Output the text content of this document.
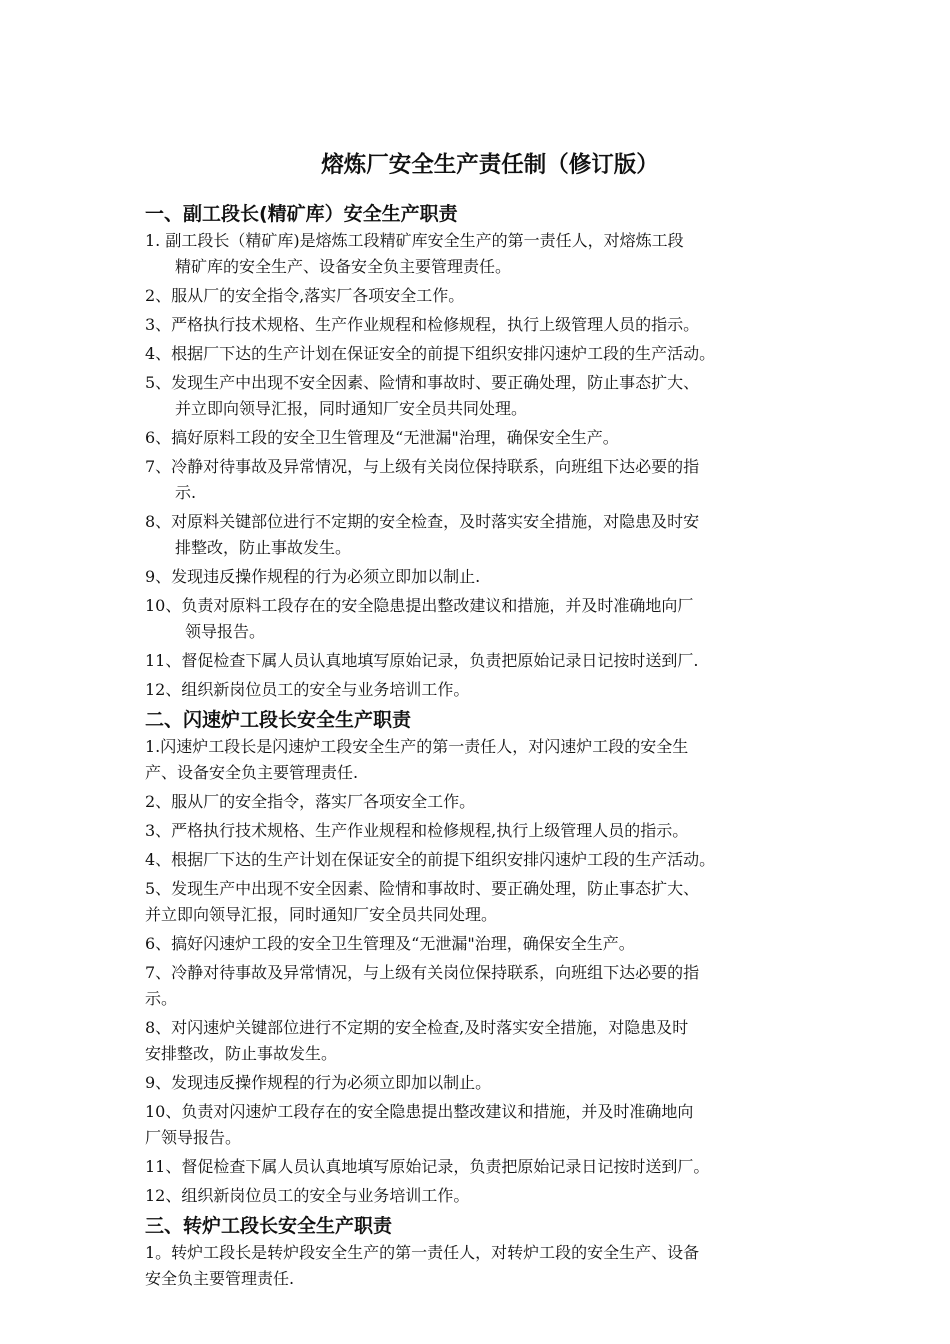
熔炼厂安全生产责任制（修订版）
一、副工段长(精矿库）安全生产职责
1. 副工段长（精矿库)是熔炼工段精矿库安全生产的第一责任人，对熔炼工段
精矿库的安全生产、设备安全负主要管理责任。
2、服从厂的安全指令,落实厂各项安全工作。
3、严格执行技术规格、生产作业规程和检修规程，执行上级管理人员的指示。
4、根据厂下达的生产计划在保证安全的前提下组织安排闪速炉工段的生产活动。
5、发现生产中出现不安全因素、险情和事故时、要正确处理，防止事态扩大、
并立即向领导汇报，同时通知厂安全员共同处理。
6、搞好原料工段的安全卫生管理及“无泄漏"治理，确保安全生产。
7、冷静对待事故及异常情况，与上级有关岗位保持联系，向班组下达必要的指
示.
8、对原料关键部位进行不定期的安全检查，及时落实安全措施，对隐患及时安
排整改，防止事故发生。
9、发现违反操作规程的行为必须立即加以制止.
10、负责对原料工段存在的安全隐患提出整改建议和措施，并及时准确地向厂
领导报告。
11、督促检查下属人员认真地填写原始记录，负责把原始记录日记按时送到厂.
12、组织新岗位员工的安全与业务培训工作。
二、闪速炉工段长安全生产职责
1.闪速炉工段长是闪速炉工段安全生产的第一责任人，对闪速炉工段的安全生
产、设备安全负主要管理责任.
2、服从厂的安全指令，落实厂各项安全工作。
3、严格执行技术规格、生产作业规程和检修规程,执行上级管理人员的指示。
4、根据厂下达的生产计划在保证安全的前提下组织安排闪速炉工段的生产活动。
5、发现生产中出现不安全因素、险情和事故时、要正确处理，防止事态扩大、
并立即向领导汇报，同时通知厂安全员共同处理。
6、搞好闪速炉工段的安全卫生管理及“无泄漏"治理，确保安全生产。
7、冷静对待事故及异常情况，与上级有关岗位保持联系，向班组下达必要的指
示。
8、对闪速炉关键部位进行不定期的安全检查,及时落实安全措施，对隐患及时
安排整改，防止事故发生。
9、发现违反操作规程的行为必须立即加以制止。
10、负责对闪速炉工段存在的安全隐患提出整改建议和措施，并及时准确地向
厂领导报告。
11、督促检查下属人员认真地填写原始记录，负责把原始记录日记按时送到厂。
12、组织新岗位员工的安全与业务培训工作。
三、转炉工段长安全生产职责
1。转炉工段长是转炉段安全生产的第一责任人，对转炉工段的安全生产、设备
安全负主要管理责任.
